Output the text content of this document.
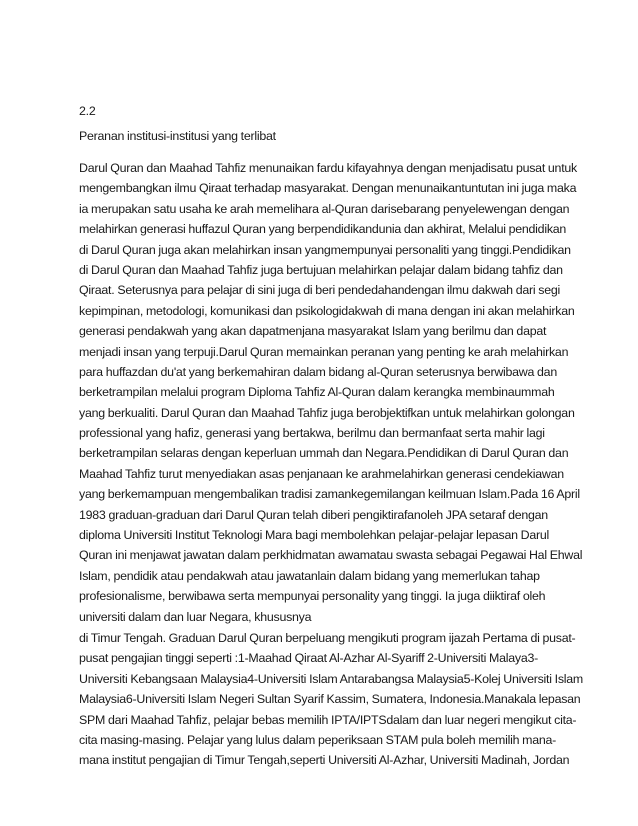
2.2
Peranan institusi-institusi yang terlibat
Darul Quran dan Maahad Tahfiz menunaikan fardu kifayahnya dengan menjadisatu pusat untuk
mengembangkan ilmu Qiraat terhadap masyarakat. Dengan menunaikantuntutan ini juga maka
ia merupakan satu usaha ke arah memelihara al-Quran darisebarang penyelewengan dengan
melahirkan generasi huffazul Quran yang berpendidikandunia dan akhirat, Melalui pendidikan
di Darul Quran juga akan melahirkan insan yangmempunyai personaliti yang tinggi.Pendidikan
di Darul Quran dan Maahad Tahfiz juga bertujuan melahirkan pelajar dalam bidang tahfiz dan
Qiraat. Seterusnya para pelajar di sini juga di beri pendedahandengan ilmu dakwah dari segi
kepimpinan, metodologi, komunikasi dan psikologidakwah di mana dengan ini akan melahirkan
generasi pendakwah yang akan dapatmenjana masyarakat Islam yang berilmu dan dapat
menjadi insan yang terpuji.Darul Quran memainkan peranan yang penting ke arah melahirkan
para huffazdan du'at yang berkemahiran dalam bidang al-Quran seterusnya berwibawa dan
berketrampilan melalui program Diploma Tahfiz Al-Quran dalam kerangka membinaummah
yang berkualiti. Darul Quran dan Maahad Tahfiz juga berobjektifkan untuk melahirkan golongan
professional yang hafiz, generasi yang bertakwa, berilmu dan bermanfaat serta mahir lagi
berketrampilan selaras dengan keperluan ummah dan Negara.Pendidikan di Darul Quran dan
Maahad Tahfiz turut menyediakan asas penjanaan ke arahmelahirkan generasi cendekiawan
yang berkemampuan mengembalikan tradisi zamankegemilangan keilmuan Islam.Pada 16 April
1983 graduan-graduan dari Darul Quran telah diberi pengiktirafanoleh JPA setaraf dengan
diploma Universiti Institut Teknologi Mara bagi membolehkan pelajar-pelajar lepasan Darul
Quran ini menjawat jawatan dalam perkhidmatan awamatau swasta sebagai Pegawai Hal Ehwal
Islam, pendidik atau pendakwah atau jawatanlain dalam bidang yang memerlukan tahap
profesionalisme, berwibawa serta mempunyai personality yang tinggi. Ia juga diiktiraf oleh
universiti dalam dan luar Negara, khususnya
di Timur Tengah. Graduan Darul Quran berpeluang mengikuti program ijazah Pertama di pusat-
pusat pengajian tinggi seperti :1-Maahad Qiraat Al-Azhar Al-Syariff 2-Universiti Malaya3-
Universiti Kebangsaan Malaysia4-Universiti Islam Antarabangsa Malaysia5-Kolej Universiti Islam
Malaysia6-Universiti Islam Negeri Sultan Syarif Kassim, Sumatera, Indonesia.Manakala lepasan
SPM dari Maahad Tahfiz, pelajar bebas memilih IPTA/IPTSdalam dan luar negeri mengikut cita-
cita masing-masing. Pelajar yang lulus dalam peperiksaan STAM pula boleh memilih mana-
mana institut pengajian di Timur Tengah,seperti Universiti Al-Azhar, Universiti Madinah, Jordan
